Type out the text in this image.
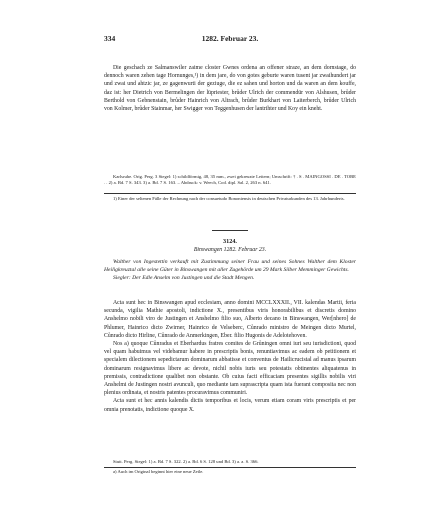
334	1282. Februar 23.

Die geschach ze Salmanswiler zaime closter Gwnes ordena an offener straze, an dem dornstage, do dennoch waren zehen tage Hornunges,¹) in dem jare, do von gotes geburte waren tusent jar zwaihundert jar und zwai und ahtzic jar, ze gagenwurti der geziuge, die ez sahen und horton und da waren an dem kouffe, daz ist: her Dietrich von Bermelingen der lüpriester, brůder Ulrich der commendür von Alshusen, brůder Berthold von Gebnenstain, brůder Hainrich von Altrach, brůder Burkhart von Laiterberch, brůder Ulrich von Kolmer, brůder Stainmar, her Swigger von Teggenhusen der lantrihter und Koy ein kneht.

Karlsruhe. Orig. Perg. 3 Siegel: 1) schildförmig, 48, 35 mm., zwei gekreuzte Leitern; Umschrift: † . S . MAINGOSSI . DE . TOBE . . 2) a. Bd. 7 S. 343. 3) a. Bd. 7 S. 163. – Abdruck: v. Weech, Cod. dipl. Sal. 2, 263 n. 641.

1) Einer der seltenen Fälle der Rechnung nach der consuetudo Bononiensis in deutschen Privaturkunden des 13. Jahrhunderts.

3124.
Binswangen 1282. Februar 23.

Walther von Ingestettin verkauft mit Zustimmung seiner Frau und seines Sohnes Walther dem Kloster Heiligkreuztal alle seine Güter in Binswangen mit aller Zugehörde um 29 Mark Silber Memminger Gewichts.

Siegler: Der Edle Anselm von Justingen und die Stadt Mengen.

Acta sunt hec in Binswangen apud ecclesiam, anno domini MCCLXXXII., VII. kalendas Martii, feria secunda, vigilia Mathie apostoli, indictione X., presentibus viris honorabilibus et discretis domino Anshelmo nobili viro de Justingen et Anshelmo filio suo, Alberto decano in Binswangen, Wer[nhero] de Phlumer, Hainrico dicto Zwirner, Hainrico de Velseberc, Cůnrado ministro de Meingen dicto Murtel, Cůnrado dicto Hirline, Cůnrado de Anmerkingen, Eber. filio Hugonis de Adelotehoven.

Nos a) quoque Cůnradus et Eberhardus fratres comites de Grůningen omni iuri seu iurisdictioni, quod vel quam habuimus vel videbamur habere in prescriptis bonis, renuntiavimus ac eadem ob petitionem et specialem dilectionem sepedictarum dominarum abbatisse et conventus de Hailicrucistal ad manus ipsarum dominarum resignavimus libere ac devote, nichil nobis iuris seu potestatis obtinentes aliquatenus in premissis, contradictione qualibet non obstante. Ob cuius facti efficaciam presentes sigillis nobilis viri Anshelmi de Justingen nostri avunculi, quo mediante tam suprascripta quam ista fuerant composita nec non plenius ordinata, et nostris patentes procuravimus communiri.

Acta sunt et hec annis kalendis dictis temporibus et locis, verum etiam coram viris prescriptis et per omnia prenotatis, indictione quoque X.

Stutt. Perg. Siegel: 1) a. Bd. 7 S. 322. 2) a. Bd. 6 S. 128 und Bd. 3) a. a. S. 366.

a) Auch im Original beginnt hier eine neue Zeile.
